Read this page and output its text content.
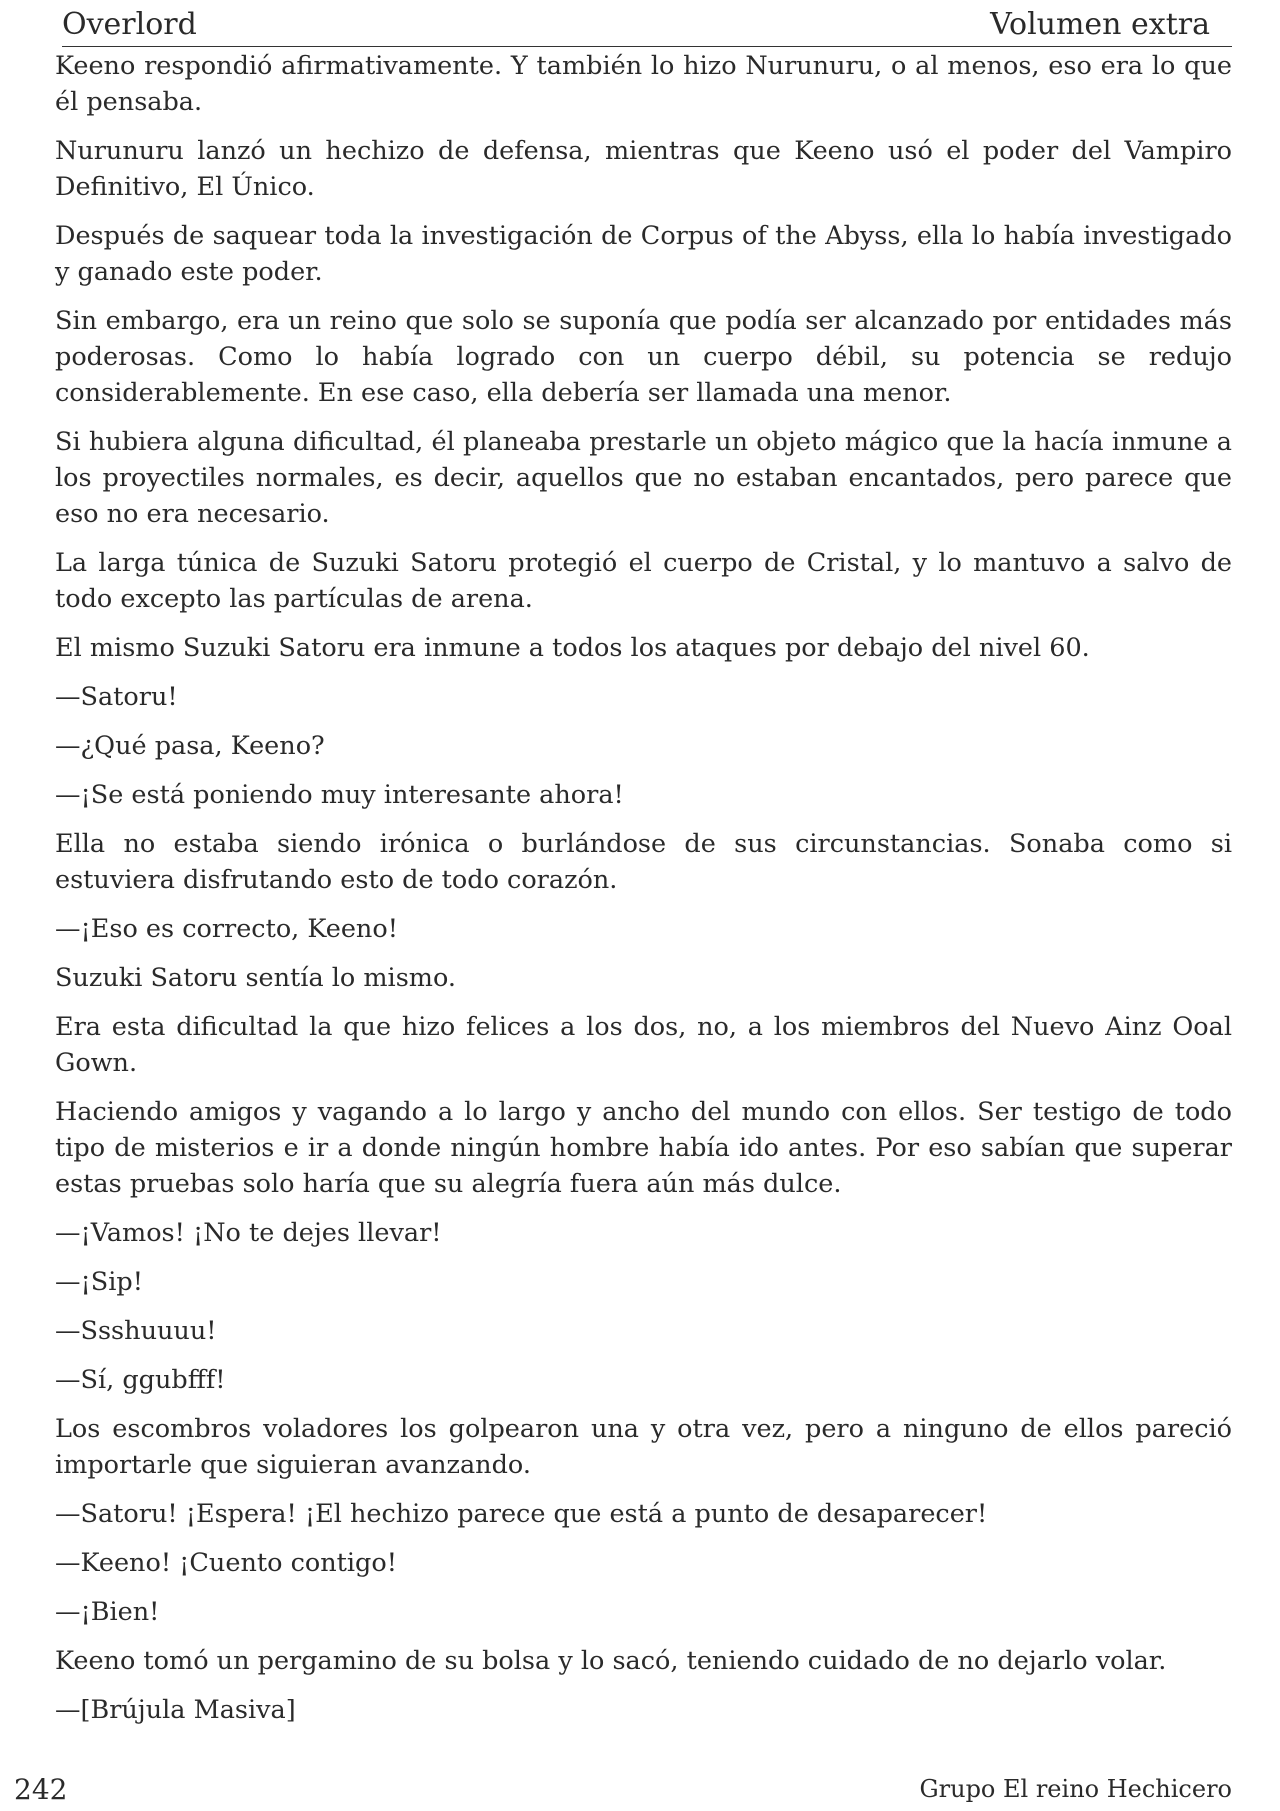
Overlord	Volumen extra

Keeno respondió afirmativamente. Y también lo hizo Nurunuru, o al menos, eso era lo que él pensaba.

Nurunuru lanzó un hechizo de defensa, mientras que Keeno usó el poder del Vampiro Definitivo, El Único.

Después de saquear toda la investigación de Corpus of the Abyss, ella lo había investigado y ganado este poder.

Sin embargo, era un reino que solo se suponía que podía ser alcanzado por entidades más poderosas. Como lo había logrado con un cuerpo débil, su potencia se redujo considerablemente. En ese caso, ella debería ser llamada una menor.

Si hubiera alguna dificultad, él planeaba prestarle un objeto mágico que la hacía inmune a los proyectiles normales, es decir, aquellos que no estaban encantados, pero parece que eso no era necesario.

La larga túnica de Suzuki Satoru protegió el cuerpo de Cristal, y lo mantuvo a salvo de todo excepto las partículas de arena.

El mismo Suzuki Satoru era inmune a todos los ataques por debajo del nivel 60.

—Satoru!

—¿Qué pasa, Keeno?

—¡Se está poniendo muy interesante ahora!

Ella no estaba siendo irónica o burlándose de sus circunstancias. Sonaba como si estuviera disfrutando esto de todo corazón.

—¡Eso es correcto, Keeno!

Suzuki Satoru sentía lo mismo.

Era esta dificultad la que hizo felices a los dos, no, a los miembros del Nuevo Ainz Ooal Gown.

Haciendo amigos y vagando a lo largo y ancho del mundo con ellos. Ser testigo de todo tipo de misterios e ir a donde ningún hombre había ido antes. Por eso sabían que superar estas pruebas solo haría que su alegría fuera aún más dulce.

—¡Vamos! ¡No te dejes llevar!

—¡Sip!

—Ssshuuuu!

—Sí, ggubfff!

Los escombros voladores los golpearon una y otra vez, pero a ninguno de ellos pareció importarle que siguieran avanzando.

—Satoru! ¡Espera! ¡El hechizo parece que está a punto de desaparecer!

—Keeno! ¡Cuento contigo!

—¡Bien!

Keeno tomó un pergamino de su bolsa y lo sacó, teniendo cuidado de no dejarlo volar.

—[Brújula Masiva]

242	Grupo El reino Hechicero
